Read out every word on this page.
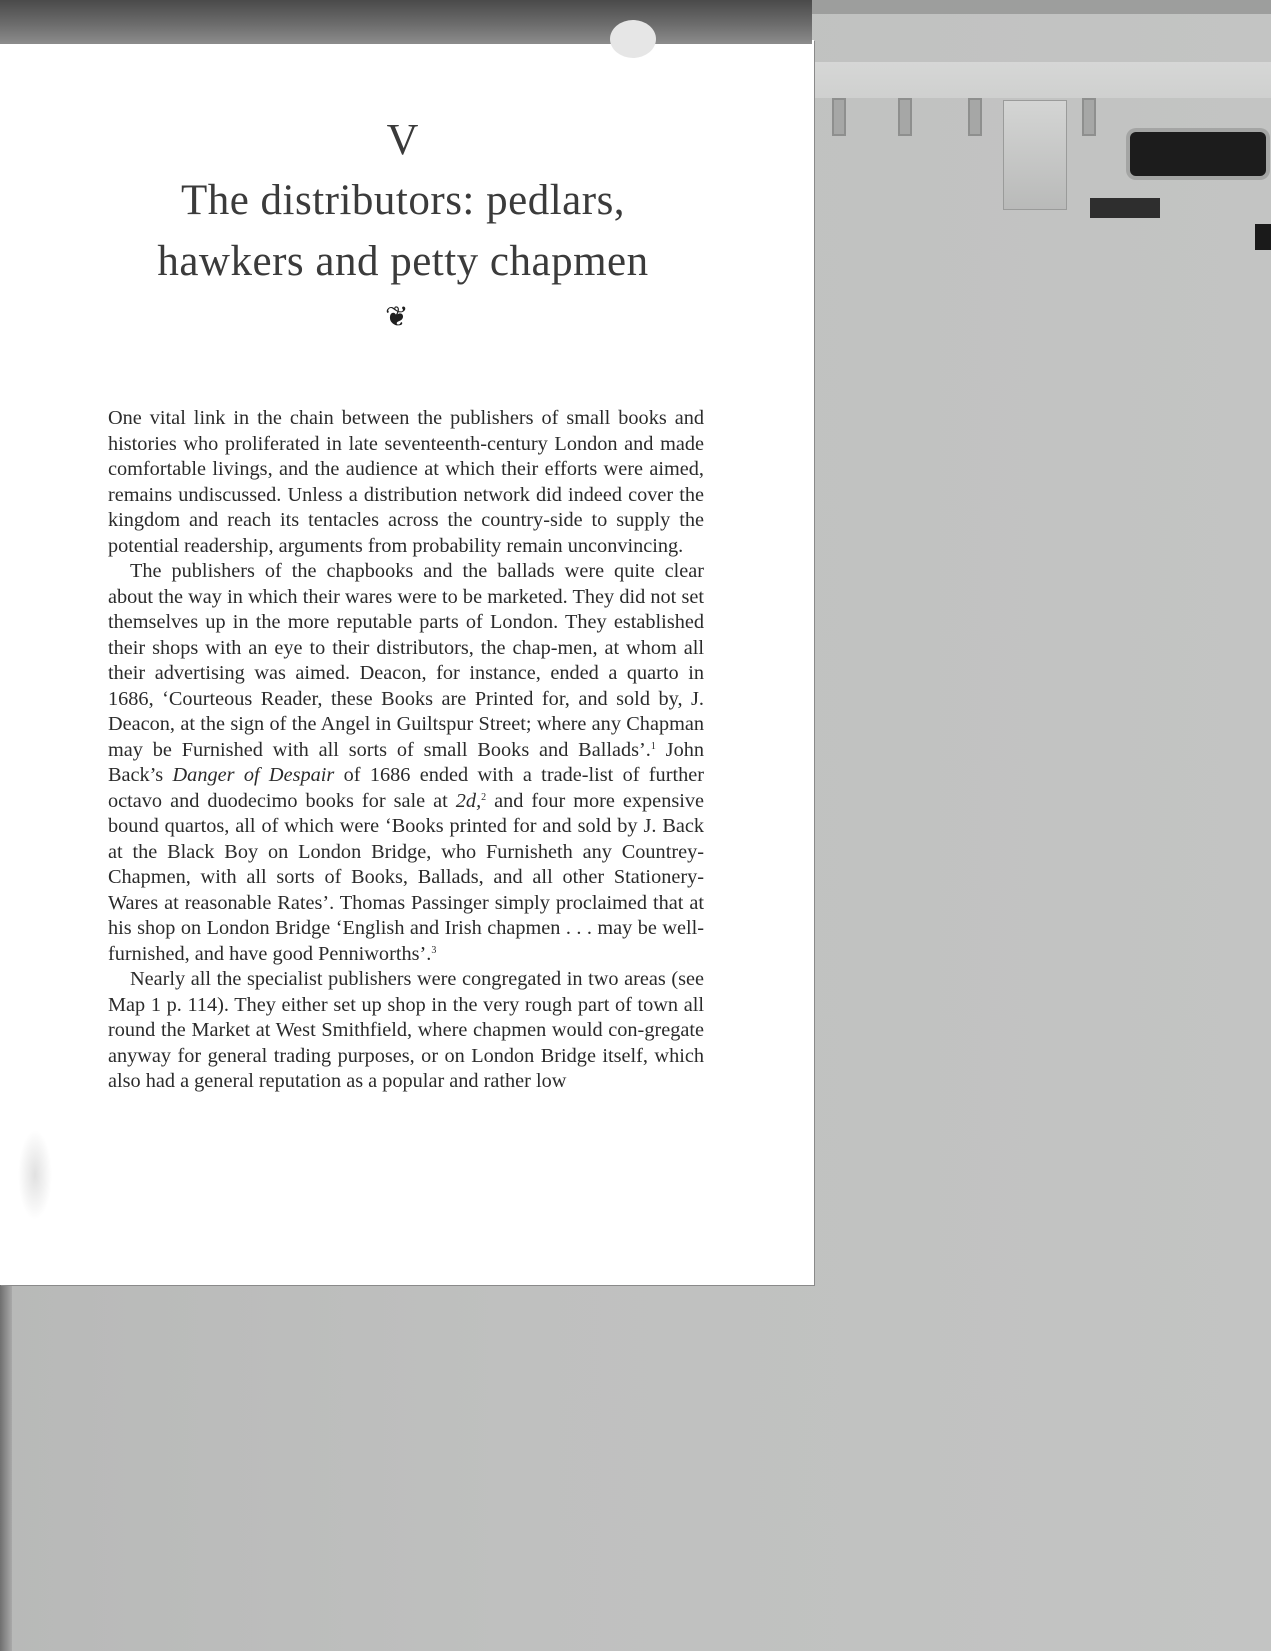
V
The distributors: pedlars,
hawkers and petty chapmen
❦

One vital link in the chain between the publishers of small books and histories who proliferated in late seventeenth-century London and made comfortable livings, and the audience at which their efforts were aimed, remains undiscussed. Unless a distribution network did indeed cover the kingdom and reach its tentacles across the country-side to supply the potential readership, arguments from probability remain unconvincing.

The publishers of the chapbooks and the ballads were quite clear about the way in which their wares were to be marketed. They did not set themselves up in the more reputable parts of London. They established their shops with an eye to their distributors, the chap-men, at whom all their advertising was aimed. Deacon, for instance, ended a quarto in 1686, ‘Courteous Reader, these Books are Printed for, and sold by, J. Deacon, at the sign of the Angel in Guiltspur Street; where any Chapman may be Furnished with all sorts of small Books and Ballads’.$^1$ John Back’s Danger of Despair of 1686 ended with a trade-list of further octavo and duodecimo books for sale at 2d,$^2$ and four more expensive bound quartos, all of which were ‘Books printed for and sold by J. Back at the Black Boy on London Bridge, who Furnisheth any Countrey-Chapmen, with all sorts of Books, Ballads, and all other Stationery-Wares at reasonable Rates’. Thomas Passinger simply proclaimed that at his shop on London Bridge ‘English and Irish chapmen . . . may be well-furnished, and have good Penniworths’.$^3$

Nearly all the specialist publishers were congregated in two areas (see Map 1 p. 114). They either set up shop in the very rough part of town all round the Market at West Smithfield, where chapmen would con-gregate anyway for general trading purposes, or on London Bridge itself, which also had a general reputation as a popular and rather low
